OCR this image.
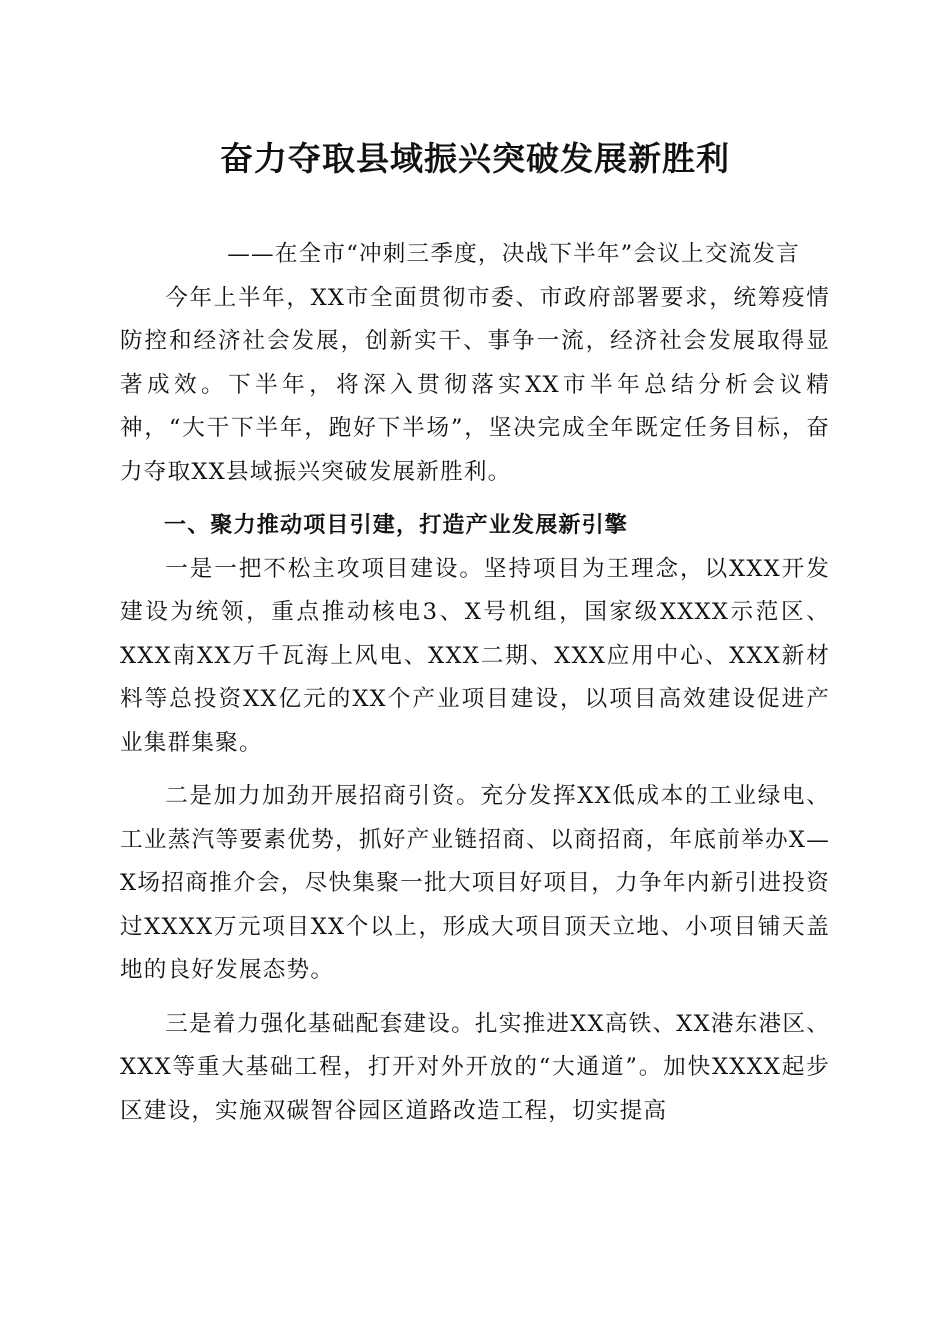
奋力夺取县域振兴突破发展新胜利

——在全市“冲刺三季度，决战下半年”会议上交流发言

今年上半年，XX市全面贯彻市委、市政府部署要求，统筹疫情防控和经济社会发展，创新实干、事争一流，经济社会发展取得显著成效。下半年，将深入贯彻落实XX市半年总结分析会议精神，“大干下半年，跑好下半场”，坚决完成全年既定任务目标，奋力夺取XX县域振兴突破发展新胜利。

一、聚力推动项目引建，打造产业发展新引擎

一是一把不松主攻项目建设。坚持项目为王理念，以XXX开发建设为统领，重点推动核电3、X号机组，国家级XXXX示范区、XXX南XX万千瓦海上风电、XXX二期、XXX应用中心、XXX新材料等总投资XX亿元的XX个产业项目建设，以项目高效建设促进产业集群集聚。

二是加力加劲开展招商引资。充分发挥XX低成本的工业绿电、工业蒸汽等要素优势，抓好产业链招商、以商招商，年底前举办X—X场招商推介会，尽快集聚一批大项目好项目，力争年内新引进投资过XXXX万元项目XX个以上，形成大项目顶天立地、小项目铺天盖地的良好发展态势。

三是着力强化基础配套建设。扎实推进XX高铁、XX港东港区、XXX等重大基础工程，打开对外开放的“大通道”。加快XXXX起步区建设，实施双碳智谷园区道路改造工程，切实提高
